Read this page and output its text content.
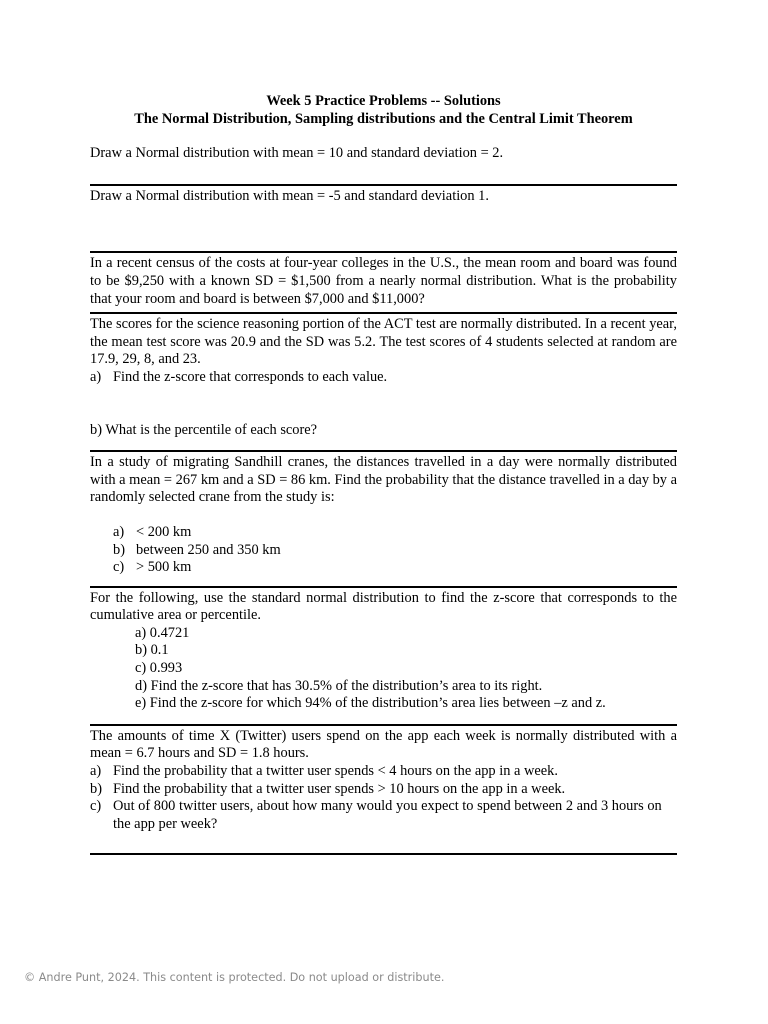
Week 5 Practice Problems -- Solutions

The Normal Distribution, Sampling distributions and the Central Limit Theorem

Draw a Normal distribution with mean = 10 and standard deviation = 2.

Draw a Normal distribution with mean = -5 and standard deviation 1.

In a recent census of the costs at four-year colleges in the U.S., the mean room and board was found to be $9,250 with a known SD = $1,500 from a nearly normal distribution. What is the probability that your room and board is between $7,000 and $11,000?

The scores for the science reasoning portion of the ACT test are normally distributed. In a recent year, the mean test score was 20.9 and the SD was 5.2. The test scores of 4 students selected at random are 17.9, 29, 8, and 23.

a) Find the z-score that corresponds to each value.

b) What is the percentile of each score?

In a study of migrating Sandhill cranes, the distances travelled in a day were normally distributed with a mean = 267 km and a SD = 86 km. Find the probability that the distance travelled in a day by a randomly selected crane from the study is:

a) < 200 km
b) between 250 and 350 km
c) > 500 km

For the following, use the standard normal distribution to find the z-score that corresponds to the cumulative area or percentile.

a) 0.4721

b) 0.1

c) 0.993

d) Find the z-score that has 30.5% of the distribution’s area to its right.

e) Find the z-score for which 94% of the distribution’s area lies between –z and z.

The amounts of time X (Twitter) users spend on the app each week is normally distributed with a mean = 6.7 hours and SD = 1.8 hours.

a) Find the probability that a twitter user spends < 4 hours on the app in a week.
b) Find the probability that a twitter user spends > 10 hours on the app in a week.
c) Out of 800 twitter users, about how many would you expect to spend between 2 and 3 hours on the app per week?
© Andre Punt, 2024. This content is protected. Do not upload or distribute.
